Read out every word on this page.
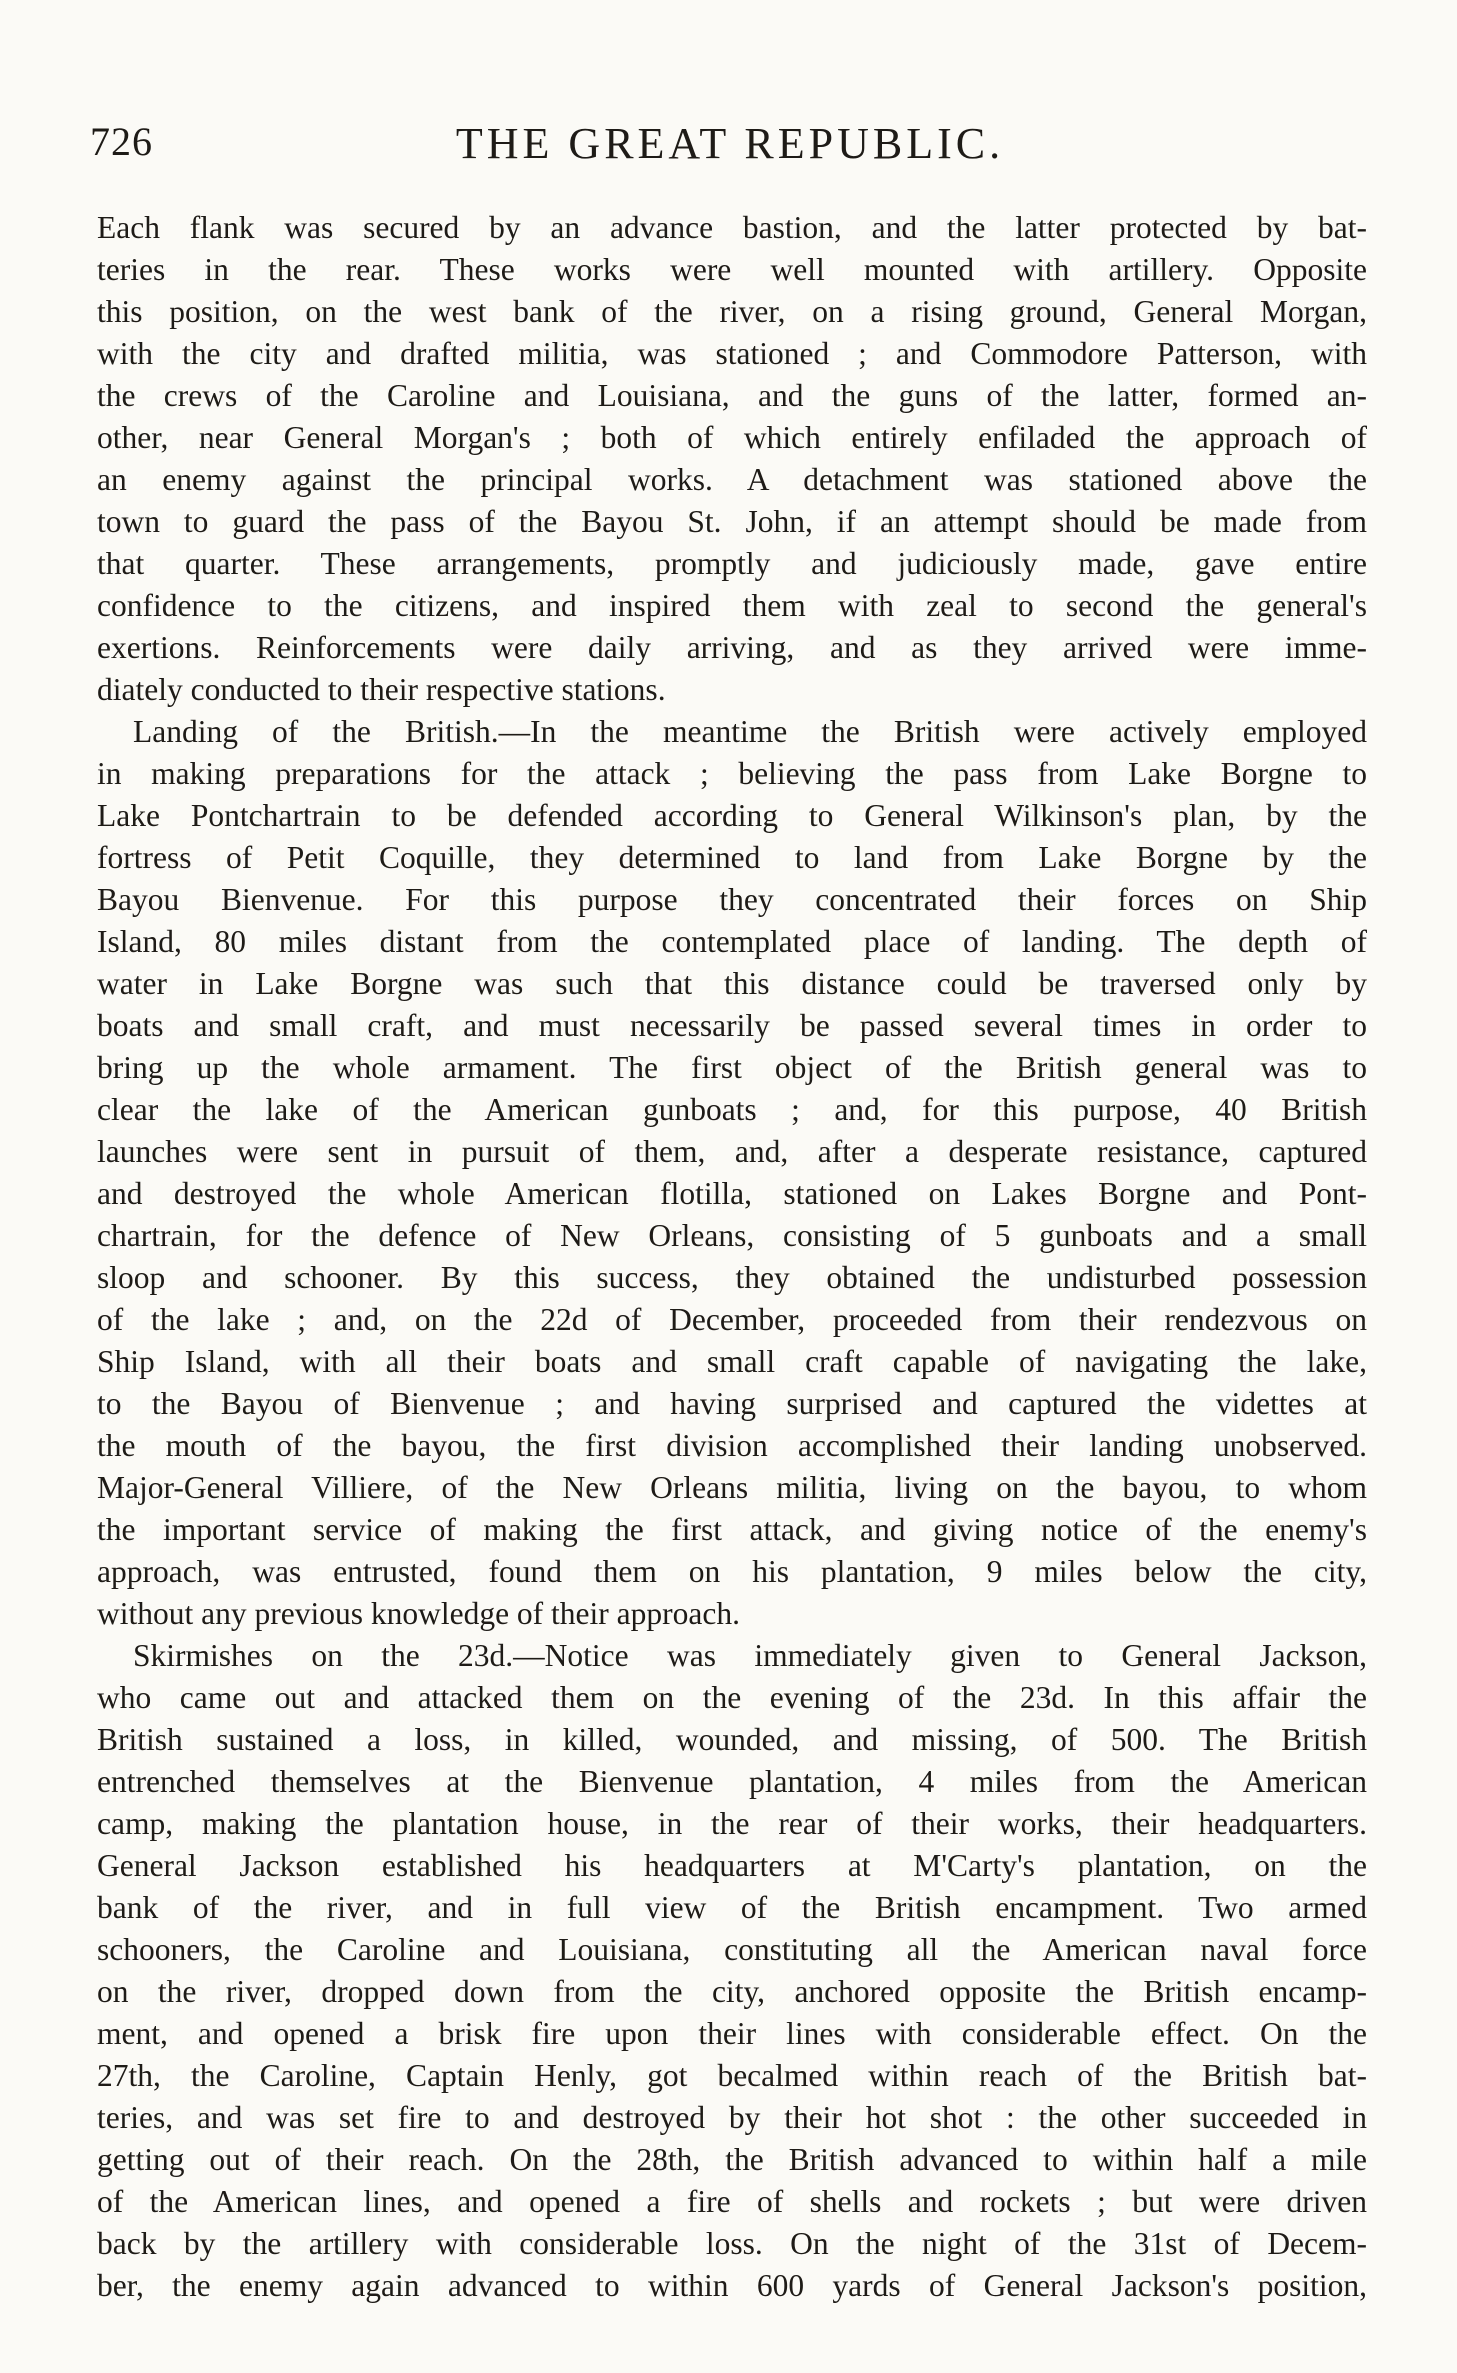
726	THE GREAT REPUBLIC.
Each flank was secured by an advance bastion, and the latter protected by bat-
teries in the rear. These works were well mounted with artillery. Opposite
this position, on the west bank of the river, on a rising ground, General Morgan,
with the city and drafted militia, was stationed ; and Commodore Patterson, with
the crews of the Caroline and Louisiana, and the guns of the latter, formed an-
other, near General Morgan's ; both of which entirely enfiladed the approach of
an enemy against the principal works. A detachment was stationed above the
town to guard the pass of the Bayou St. John, if an attempt should be made from
that quarter. These arrangements, promptly and judiciously made, gave entire
confidence to the citizens, and inspired them with zeal to second the general's
exertions. Reinforcements were daily arriving, and as they arrived were imme-
diately conducted to their respective stations.
Landing of the British.—In the meantime the British were actively employed
in making preparations for the attack ; believing the pass from Lake Borgne to
Lake Pontchartrain to be defended according to General Wilkinson's plan, by the
fortress of Petit Coquille, they determined to land from Lake Borgne by the
Bayou Bienvenue. For this purpose they concentrated their forces on Ship
Island, 80 miles distant from the contemplated place of landing. The depth of
water in Lake Borgne was such that this distance could be traversed only by
boats and small craft, and must necessarily be passed several times in order to
bring up the whole armament. The first object of the British general was to
clear the lake of the American gunboats ; and, for this purpose, 40 British
launches were sent in pursuit of them, and, after a desperate resistance, captured
and destroyed the whole American flotilla, stationed on Lakes Borgne and Pont-
chartrain, for the defence of New Orleans, consisting of 5 gunboats and a small
sloop and schooner. By this success, they obtained the undisturbed possession
of the lake ; and, on the 22d of December, proceeded from their rendezvous on
Ship Island, with all their boats and small craft capable of navigating the lake,
to the Bayou of Bienvenue ; and having surprised and captured the videttes at
the mouth of the bayou, the first division accomplished their landing unobserved.
Major-General Villiere, of the New Orleans militia, living on the bayou, to whom
the important service of making the first attack, and giving notice of the enemy's
approach, was entrusted, found them on his plantation, 9 miles below the city,
without any previous knowledge of their approach.
Skirmishes on the 23d.—Notice was immediately given to General Jackson,
who came out and attacked them on the evening of the 23d. In this affair the
British sustained a loss, in killed, wounded, and missing, of 500. The British
entrenched themselves at the Bienvenue plantation, 4 miles from the American
camp, making the plantation house, in the rear of their works, their headquarters.
General Jackson established his headquarters at M'Carty's plantation, on the
bank of the river, and in full view of the British encampment. Two armed
schooners, the Caroline and Louisiana, constituting all the American naval force
on the river, dropped down from the city, anchored opposite the British encamp-
ment, and opened a brisk fire upon their lines with considerable effect. On the
27th, the Caroline, Captain Henly, got becalmed within reach of the British bat-
teries, and was set fire to and destroyed by their hot shot : the other succeeded in
getting out of their reach. On the 28th, the British advanced to within half a mile
of the American lines, and opened a fire of shells and rockets ; but were driven
back by the artillery with considerable loss. On the night of the 31st of Decem-
ber, the enemy again advanced to within 600 yards of General Jackson's position,
